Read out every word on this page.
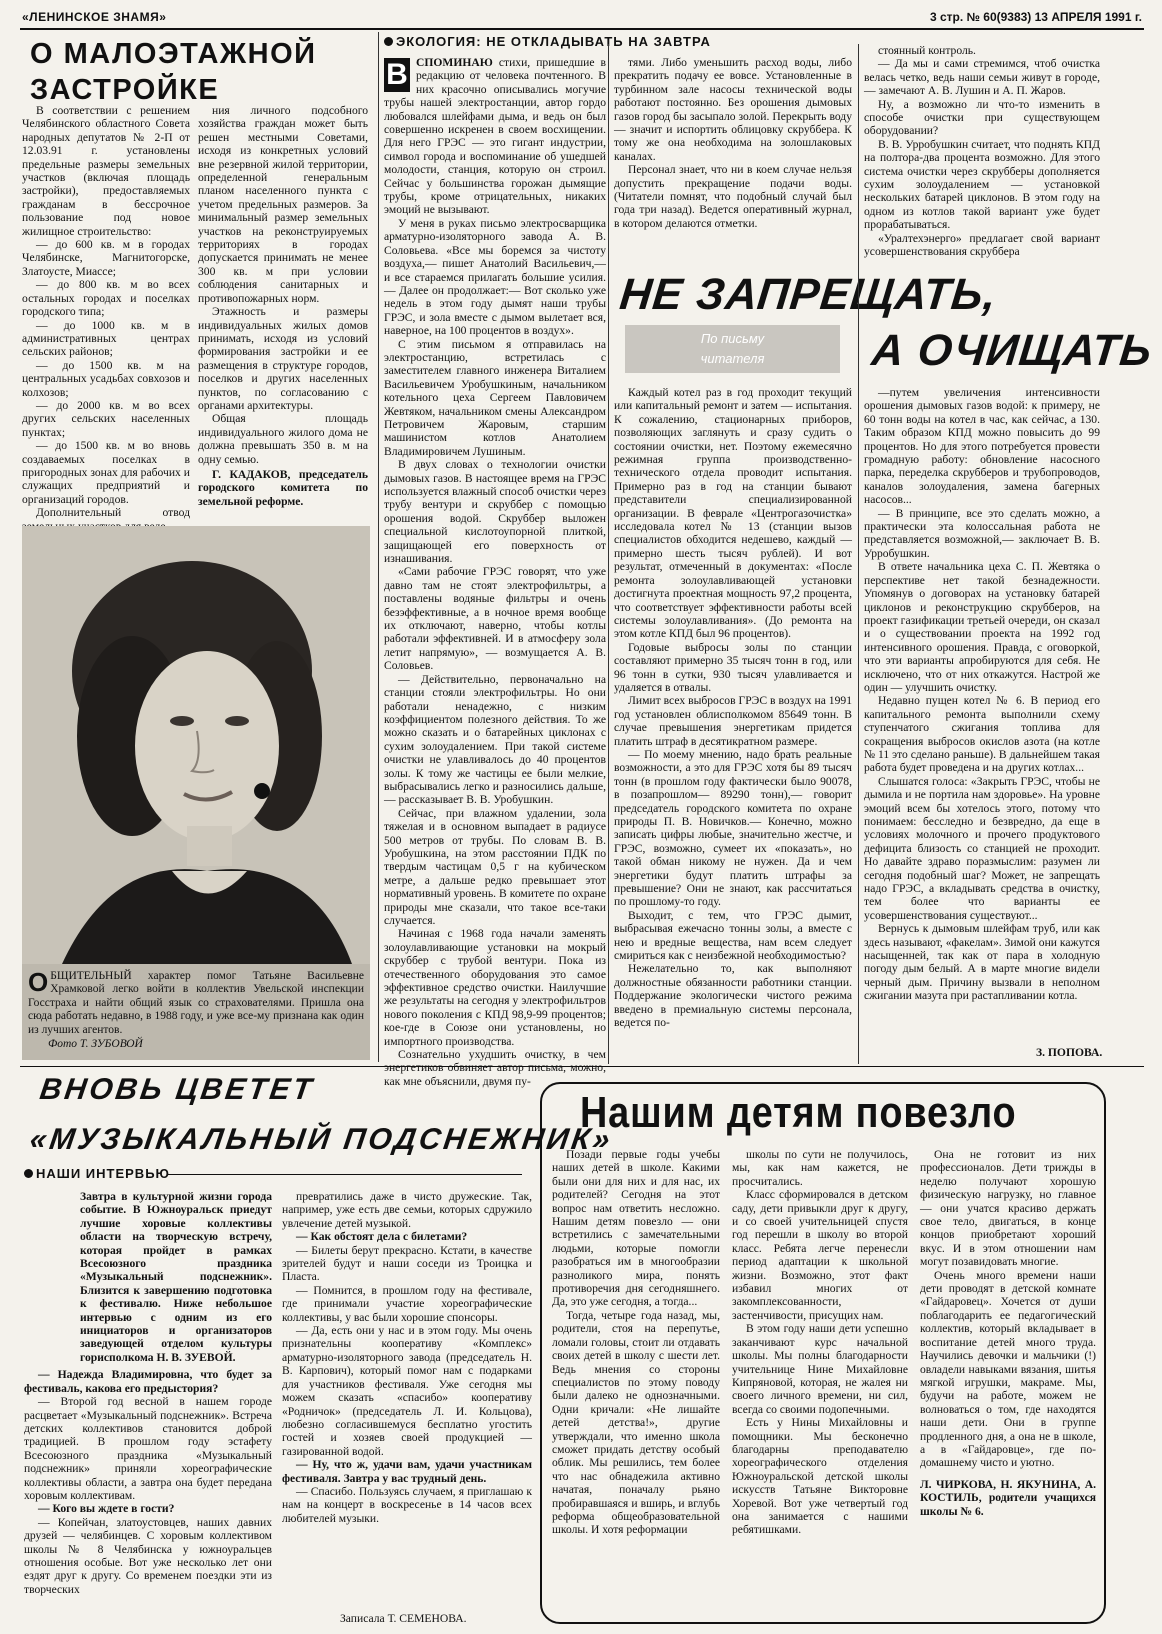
«ЛЕНИНСКОЕ ЗНАМЯ»	3 стр. № 60(9383) 13 АПРЕЛЯ 1991 г.
О МАЛОЭТАЖНОЙ
ЗАСТРОЙКЕ

В соответствии с решением Челябинского областного Совета народных депутатов № 2-П от 12.03.91 г. установлены предельные размеры земельных участков (включая площадь застройки), предоставляемых гражданам в бессрочное пользование под новое жилищное строительство:

— до 600 кв. м в городах Челябинске, Магнитогорске, Златоусте, Миассе;

— до 800 кв. м во всех остальных городах и поселках городского типа;

— до 1000 кв. м в административных центрах сельских районов;

— до 1500 кв. м на центральных усадьбах совхозов и колхозов;

— до 2000 кв. м во всех других сельских населенных пунктах;

— до 1500 кв. м во вновь создаваемых поселках в пригородных зонах для рабочих и служащих предприятий и организаций городов.

Дополнительный отвод

ния личного подсобного хозяйства граждан может быть решен местными Советами, исходя из конкретных условий вне резервной жилой территории, определенной генеральным планом населенного пункта с учетом предельных размеров. За минимальный размер земельных участков на реконструируемых территориях в городах допускается принимать не менее 300 кв. м при условии соблюдения санитарных и противопожарных норм.

Этажность и размеры индивидуальных жилых домов принимать, исходя из условий формирования застройки и ее размещения в структуре городов, поселков и других населенных пунктов, по согласованию с органами архитектуры.

Общая площадь индивидуального жилого дома не должна превышать 350 в. м на одну семью.

Г. КАДАКОВ, председатель городского комитета по земельной реформе.

О БЩИТЕЛЬНЫЙ характер помог Татьяне Васильевне Храмковой легко войти в коллектив Увельской инспекции Госстраха и найти общий язык со страхователями. Пришла она сюда работать недавно, в 1988 году, и уже все-му признана как один из лучших агентов.
Фото Т. ЗУБОВОЙ
ЭКОЛОГИЯ: НЕ ОТКЛАДЫВАТЬ НА ЗАВТРА
В СПОМИНАЮ стихи, пришедшие в редакцию от человека почтенного. В них красочно описывались могучие трубы нашей электростанции, автор гордо любовался шлейфами дыма, и ведь он был совершенно искренен в своем восхищении. Для него ГРЭС — это гигант индустрии, символ города и воспоминание об ушедшей молодости, станция, которую он строил. Сейчас у большинства горожан дымящие трубы, кроме отрицательных, никаких эмоций не вызывают.

У меня в руках письмо электросварщика арматурно-изоляторного завода А. В. Соловьева. «Все мы боремся за чистоту воздуха,— пишет Анатолий Васильевич,— и все стараемся прилагать большие усилия.— Далее он продолжает:— Вот сколько уже недель в этом году дымят наши трубы ГРЭС, и зола вместе с дымом вылетает вся, наверное, на 100 процентов в воздух».

С этим письмом я отправилась на электростанцию, встретилась с заместителем главного инженера Виталием Васильевичем Уробушкиным, начальником котельного цеха Сергеем Павловичем Жевтяком, начальником смены Александром Петровичем Жаровым, старшим машинистом котлов Анатолием Владимировичем Лушиным.

В двух словах о технологии очистки дымовых газов. В настоящее время на ГРЭС используется влажный способ очистки через трубу вентури и скруббер с помощью орошения водой. Скруббер выложен специальной кислотоупорной плиткой, защищающей его поверхность от изнашивания.

«Сами рабочие ГРЭС говорят, что уже давно там не стоят электрофильтры, а поставлены водяные фильтры и очень безэффективные, а в ночное время вообще их отключают, наверно, чтобы котлы работали эффективней. И в атмосферу зола летит напрямую», — возмущается А. В. Соловьев.

— Действительно, первоначально на станции стояли электрофильтры. Но они работали ненадежно, с низким коэффициентом полезного действия. То же можно сказать и о батарейных циклонах с сухим золоудалением. При такой системе очистки не улавливалось до 40 процентов золы. К тому же частицы ее были мелкие, выбрасывались легко и разносились дальше,— рассказывает В. В. Уробушкин.

Сейчас, при влажном удалении, зола тяжелая и в основном выпадает в радиусе 500 метров от трубы. По словам В. В. Уробушкина, на этом расстоянии ПДК по твердым частицам 0,5 г на кубическом метре, а дальше редко превышает этот нормативный уровень. В комитете по охране природы мне сказали, что такое все-таки случается.

Начиная с 1968 года начали заменять золоулавливающие установки на мокрый скруббер с трубой вентури. Пока из отечественного оборудования это самое эффективное средство очистки. Наилучшие же результаты на сегодня у электрофильтров нового поколения с КПД 98,9-99 процентов; кое-где в Союзе они установлены, но импортного производства.

Сознательно ухудшить очистку, в чем энергетиков обвиняет автор письма, можно, как мне объяснили, двумя пу-

тями. Либо уменьшить расход воды, либо прекратить подачу ее вовсе. Установленные в турбинном зале насосы технической воды работают постоянно. Без орошения дымовых газов город бы засыпало золой. Перекрыть воду — значит и испортить облицовку скруббера. К тому же она необходима на золошлаковых каналах.

Персонал знает, что ни в коем случае нельзя допустить прекращение подачи воды. (Читатели помнят, что подобный случай был года три назад). Ведется оперативный журнал, в котором делаются отметки.

стоянный контроль.

— Да мы и сами стремимся, чтоб очистка велась четко, ведь наши семьи живут в городе,— замечают А. В. Лушин и А. П. Жаров.

Ну, а возможно ли что-то изменить в способе очистки при существующем оборудовании?

В. В. Урробушкин считает, что поднять КПД на полтора-два процента возможно. Для этого система очистки через скрубберы дополняется сухим золоудалением — установкой нескольких батарей циклонов. В этом году на одном из котлов такой вариант уже будет прорабатываться.

«Уралтехэнерго» предлагает свой вариант усовершенствования скруббера

НЕ ЗАПРЕЩАТЬ,
По письму
читателя	А ОЧИЩАТЬ

Каждый котел раз в год проходит текущий или капитальный ремонт и затем — испытания. К сожалению, стационарных приборов, позволяющих заглянуть и сразу судить о состоянии очистки, нет. Поэтому ежемесячно режимная группа производственно-технического отдела проводит испытания. Примерно раз в год на станции бывают представители специализированной организации. В феврале «Центрогазочистка» исследовала котел № 13 (станции вызов специалистов обходится недешево, каждый — примерно шесть тысяч рублей). И вот результат, отмеченный в документах: «После ремонта золоулавливающей установки достигнута проектная мощность 97,2 процента, что соответствует эффективности работы всей системы золоулавливания». (До ремонта на этом котле КПД был 96 процентов).

Годовые выбросы золы по станции составляют примерно 35 тысяч тонн в год, или 96 тонн в сутки, 930 тысяч улавливается и удаляется в отвалы.

Лимит всех выбросов ГРЭС в воздух на 1991 год установлен облисполкомом 85649 тонн. В случае превышения энергетикам придется платить штраф в десятикратном размере.

— По моему мнению, надо брать реальные возможности, а это для ГРЭС хотя бы 89 тысяч тонн (в прошлом году фактически было 90078, в позапрошлом— 89290 тонн),— говорит председатель городского комитета по охране природы П. В. Новичков.— Конечно, можно записать цифры любые, значительно жестче, и ГРЭС, возможно, сумеет их «показать», но такой обман никому не нужен. Да и чем энергетики будут платить штрафы за превышение? Они не знают, как рассчитаться по прошлому-то году.

Выходит, с тем, что ГРЭС дымит, выбрасывая ежечасно тонны золы, а вместе с нею и вредные вещества, нам всем следует смириться как с неизбежной необходимостью?

Нежелательно то, как выполняют должностные обязанности работники станции. Поддержание экологически чистого режима введено в премиальную системы персонала, ведется по-

—путем увеличения интенсивности орошения дымовых газов водой: к примеру, не 60 тонн воды на котел в час, как сейчас, а 130. Таким образом КПД можно повысить до 99 процентов. Но для этого потребуется провести громадную работу: обновление насосного парка, переделка скрубберов и трубопроводов, каналов золоудаления, замена багерных насосов...

— В принципе, все это сделать можно, а практически эта колоссальная работа не представляется возможной,— заключает В. В. Урробушкин.

В ответе начальника цеха С. П. Жевтяка о перспективе нет такой безнадежности. Упомянув о договорах на установку батарей циклонов и реконструкцию скрубберов, на проект газификации третьей очереди, он сказал и о существовании проекта на 1992 год интенсивного орошения. Правда, с оговоркой, что эти варианты апробируются для себя. Не исключено, что от них откажутся. Настрой же один — улучшить очистку.

Недавно пущен котел № 6. В период его капитального ремонта выполнили схему ступенчатого сжигания топлива для сокращения выбросов окислов азота (на котле № 11 это сделано раньше). В дальнейшем такая работа будет проведена и на других котлах...

Слышатся голоса: «Закрыть ГРЭС, чтобы не дымила и не портила нам здоровье». На уровне эмоций всем бы хотелось этого, потому что понимаем: бесследно и безвредно, да еще в условиях молочного и прочего продуктового дефицита близость со станцией не проходит. Но давайте здраво поразмыслим: разумен ли сегодня подобный шаг? Может, не запрещать надо ГРЭС, а вкладывать средства в очистку, тем более что варианты ее усовершенствования существуют...

Вернусь к дымовым шлейфам труб, или как здесь называют, «факелам». Зимой они кажутся насыщенней, так как от пара в холодную погоду дым белый. А в марте многие видели черный дым. Причину вызвали в неполном сжигании мазута при растапливании котла.

З. ПОПОВА.
ВНОВЬ ЦВЕТЕТ
«МУЗЫКАЛЬНЫЙ ПОДСНЕЖНИК»
НАШИ ИНТЕРВЬЮ

Завтра в культурной жизни города событие. В Южноуральск приедут лучшие хоровые коллективы области на творческую встречу, которая пройдет в рамках Всесоюзного праздника «Музыкальный подснежник». Близится к завершению подготовка к фестивалю. Ниже небольшое интервью с одним из его инициаторов и организаторов заведующей отделом культуры горисполкома Н. В. ЗУЕВОЙ.

— Надежда Владимировна, что будет за фестиваль, какова его предыстория?

— Второй год весной в нашем городе расцветает «Музыкальный подснежник». Встреча детских коллективов становится доброй традицией. В прошлом году эстафету Всесоюзного праздника «Музыкальный подснежник» приняли хореографические коллективы области, а завтра она будет передана хоровым коллективам.

— Кого вы ждете в гости?

— Копейчан, златоустовцев, наших давних друзей — челябинцев. С хоровым коллективом школы № 8 Челябинска у южноуральцев отношения особые. Вот уже несколько лет они ездят друг к другу. Со временем поездки эти из творческих

превратились даже в чисто дружеские. Так, например, уже есть две семьи, которых сдружило увлечение детей музыкой.

— Как обстоят дела с билетами?

— Билеты берут прекрасно. Кстати, в качестве зрителей будут и наши соседи из Троицка и Пласта.

— Помнится, в прошлом году на фестивале, где принимали участие хореографические коллективы, у вас были хорошие спонсоры.

— Да, есть они у нас и в этом году. Мы очень признательны кооперативу «Комплекс» арматурно-изоляторного завода (председатель Н. В. Карпович), который помог нам с подарками для участников фестиваля. Уже сегодня мы можем сказать «спасибо» кооперативу «Родничок» (председатель Л. И. Кольцова), любезно согласившемуся бесплатно угостить гостей и хозяев своей продукцией — газированной водой.

— Ну, что ж, удачи вам, удачи участникам фестиваля. Завтра у вас трудный день.

— Спасибо. Пользуясь случаем, я приглашаю к нам на концерт в воскресенье в 14 часов всех любителей музыки.

Записала Т. СЕМЕНОВА.
Нашим детям повезло

Позади первые годы учебы наших детей в школе. Какими были они для них и для нас, их родителей? Сегодня на этот вопрос нам ответить несложно. Нашим детям повезло — они встретились с замечательными людьми, которые помогли разобраться им в многообразии разноликого мира, понять противоречия дня сегодняшнего. Да, это уже сегодня, а тогда...

Тогда, четыре года назад, мы, родители, стоя на перепутье, ломали головы, стоит ли отдавать своих детей в школу с шести лет. Ведь мнения со стороны специалистов по этому поводу были далеко не однозначными. Одни кричали: «Не лишайте детей детства!», другие утверждали, что именно школа сможет придать детству особый облик. Мы решились, тем более что нас обнадежила активно начатая, поначалу рьяно пробиравшаяся и вширь, и вглубь реформа общеобразовательной школы. И хотя реформации

школы по сути не получилось, мы, как нам кажется, не просчитались.

Класс сформировался в детском саду, дети привыкли друг к другу, и со своей учительницей спустя год перешли в школу во второй класс. Ребята легче перенесли период адаптации к школьной жизни. Возможно, этот факт избавил многих от закомплексованности, застенчивости, присущих нам.

В этом году наши дети успешно заканчивают курс начальной школы. Мы полны благодарности учительнице Нине Михайловне Кипряновой, которая, не жалея ни своего личного времени, ни сил, всегда со своими подопечными.

Есть у Нины Михайловны и помощники. Мы бесконечно благодарны преподавателю хореографического отделения Южноуральской детской школы искусств Татьяне Викторовне Хоревой. Вот уже четвертый год она занимается с нашими ребятишками.

Она не готовит из них профессионалов. Дети трижды в неделю получают хорошую физическую нагрузку, но главное — они учатся красиво держать свое тело, двигаться, в конце концов приобретают хороший вкус. И в этом отношении нам могут позавидовать многие.

Очень много времени наши дети проводят в детской комнате «Гайдаровец». Хочется от души поблагодарить ее педагогический коллектив, который вкладывает в воспитание детей много труда. Научились девочки и мальчики (!) овладели навыками вязания, шитья мягкой игрушки, макраме. Мы, будучи на работе, можем не волноваться о том, где находятся наши дети. Они в группе продленного дня, а она не в школе, а в «Гайдаровце», где по-домашнему чисто и уютно.

Л. ЧИРКОВА, Н. ЯКУНИНА, А. КОСТИЛЬ, родители учащихся школы № 6.
